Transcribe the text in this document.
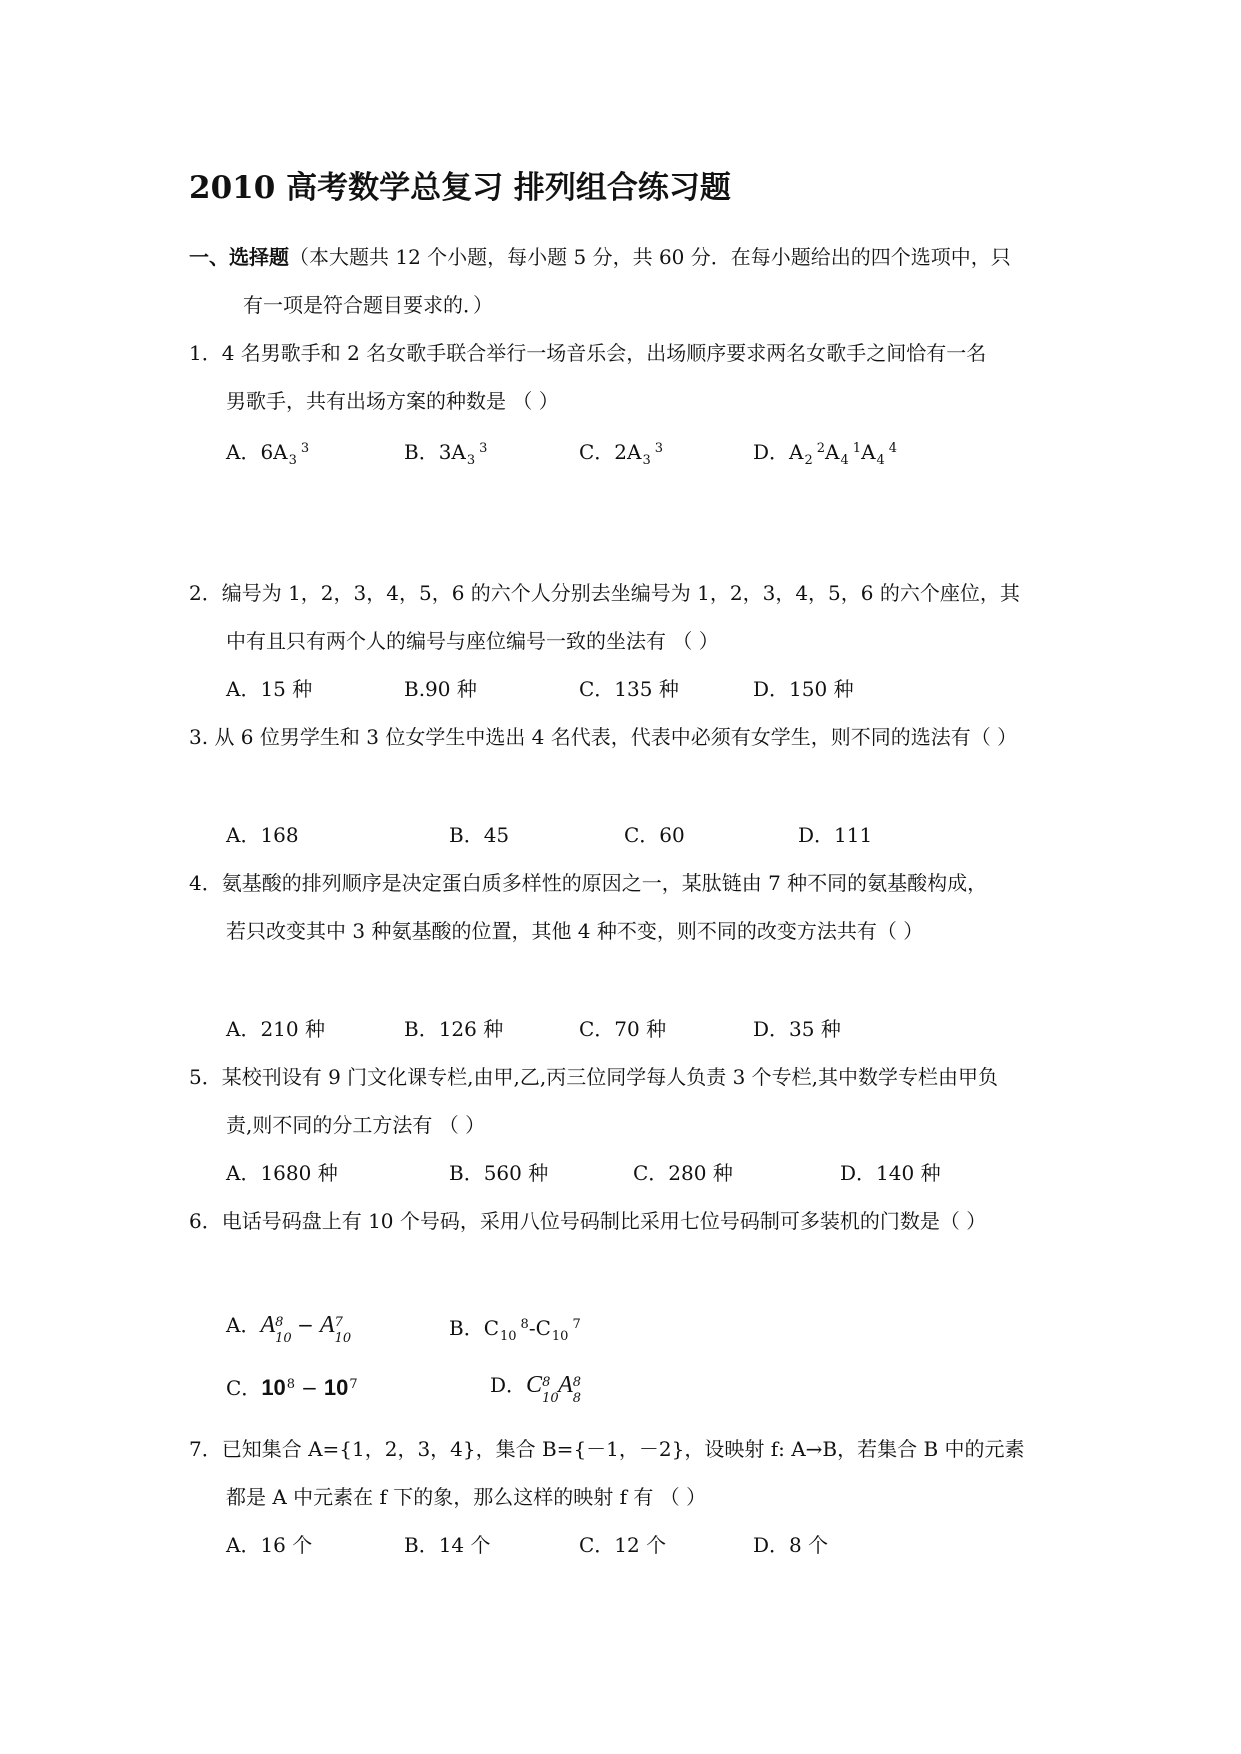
2010 高考数学总复习 排列组合练习题
一、选择题（本大题共 12 个小题，每小题 5 分，共 60 分．在每小题给出的四个选项中，只
有一项是符合题目要求的．）
1．4 名男歌手和 2 名女歌手联合举行一场音乐会，出场顺序要求两名女歌手之间恰有一名
男歌手，共有出场方案的种数是 （ ）
A．$6A_3^3$	B．$3A_3^3$	C．$2A_3^3$	D．$A_2^2A_4^1A_4^4$
2．编号为 1，2，3，4，5，6 的六个人分别去坐编号为 1，2，3，4，5，6 的六个座位，其
中有且只有两个人的编号与座位编号一致的坐法有 （ ）
A．15 种	B.90 种	C．135 种	D．150 种
3. 从 6 位男学生和 3 位女学生中选出 4 名代表，代表中必须有女学生，则不同的选法有（ ）
A．168	B．45	C．60	D．111
4．氨基酸的排列顺序是决定蛋白质多样性的原因之一，某肽链由 7 种不同的氨基酸构成，
若只改变其中 3 种氨基酸的位置，其他 4 种不变，则不同的改变方法共有（ ）
A．210 种	B．126 种	C．70 种	D．35 种
5．某校刊设有 9 门文化课专栏,由甲,乙,丙三位同学每人负责 3 个专栏,其中数学专栏由甲负
责,则不同的分工方法有 （ ）
A．1680 种	B．560 种	C．280 种	D．140 种
6．电话号码盘上有 10 个号码，采用八位号码制比采用七位号码制可多装机的门数是（ ）
A．A 8
10
− A 7
10	B．$C_{10}^8-C_{10}^7$
C．$10^8 - 10^7$	D．C 8
10
A 8
8
7．已知集合 A={1，2，3，4}，集合 B={－1，－2}，设映射 f: A→B，若集合 B 中的元素
都是 A 中元素在 f 下的象，那么这样的映射 f 有 （ ）
A．16 个	B．14 个	C．12 个	D．8 个
